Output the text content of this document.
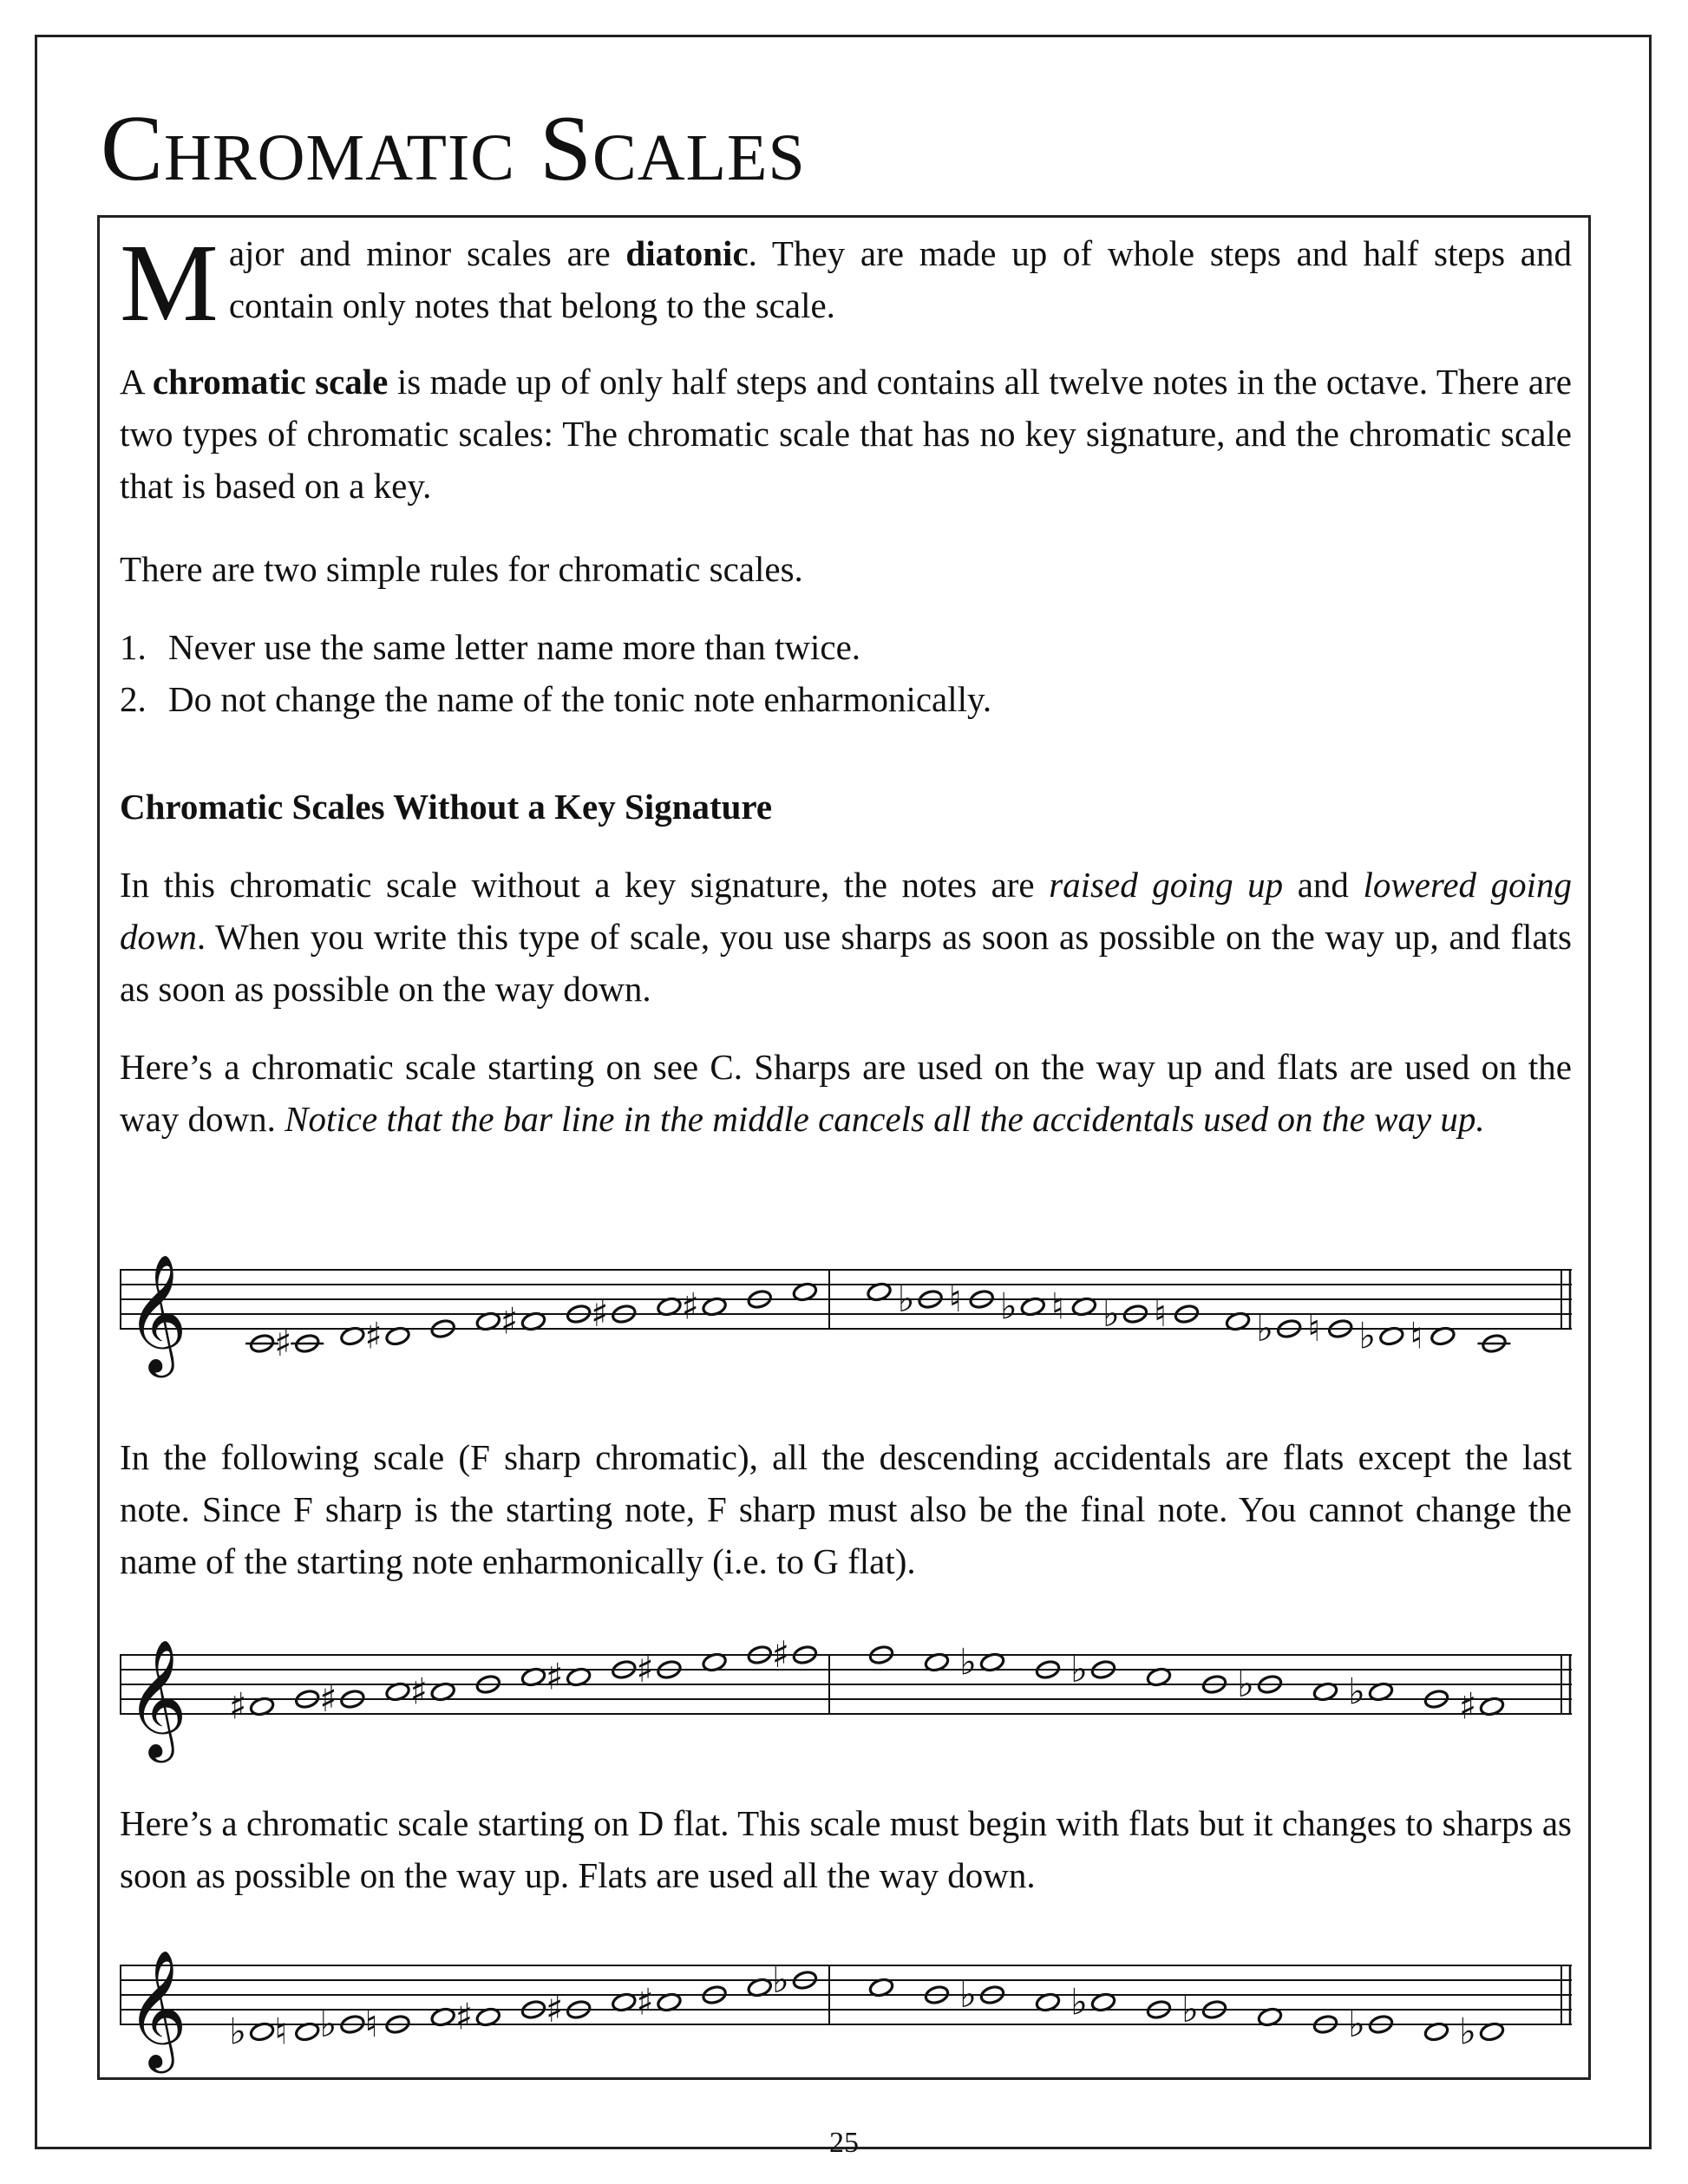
Chromatic Scales

Major and minor scales are diatonic. They are made up of whole steps and half steps and contain only notes that belong to the scale.

A chromatic scale is made up of only half steps and contains all twelve notes in the octave. There are two types of chromatic scales: The chromatic scale that has no key signature, and the chromatic scale that is based on a key.

There are two simple rules for chromatic scales.

1. Never use the same letter name more than twice.
2. Do not change the name of the tonic note enharmonically.
Chromatic Scales Without a Key Signature

In this chromatic scale without a key signature, the notes are raised going up and lowered going down. When you write this type of scale, you use sharps as soon as possible on the way up, and flats as soon as possible on the way down.

Here’s a chromatic scale starting on see C. Sharps are used on the way up and flats are used on the way down. Notice that the bar line in the middle cancels all the accidentals used on the way up.

𝄞 ♯ ♯	♯ ♯ ♯	♭ ♮ ♭ ♮ ♭ ♮ ♭ ♮ ♭ ♮

In the following scale (F sharp chromatic), all the descending accidentals are flats except the last note. Since F sharp is the starting note, F sharp must also be the final note. You cannot change the name of the starting note enharmonically (i.e. to G flat).

𝄞 ♯ ♯ ♯	♯ ♯	♯	♭	♭	♭	♭	♯

Here’s a chromatic scale starting on D flat. This scale must begin with flats but it changes to sharps as soon as possible on the way up. Flats are used all the way down.

𝄞 ♭ ♮ ♭ ♮ ♯ ♯ ♯
♭	♭	♭	♭	♭	♭
25
